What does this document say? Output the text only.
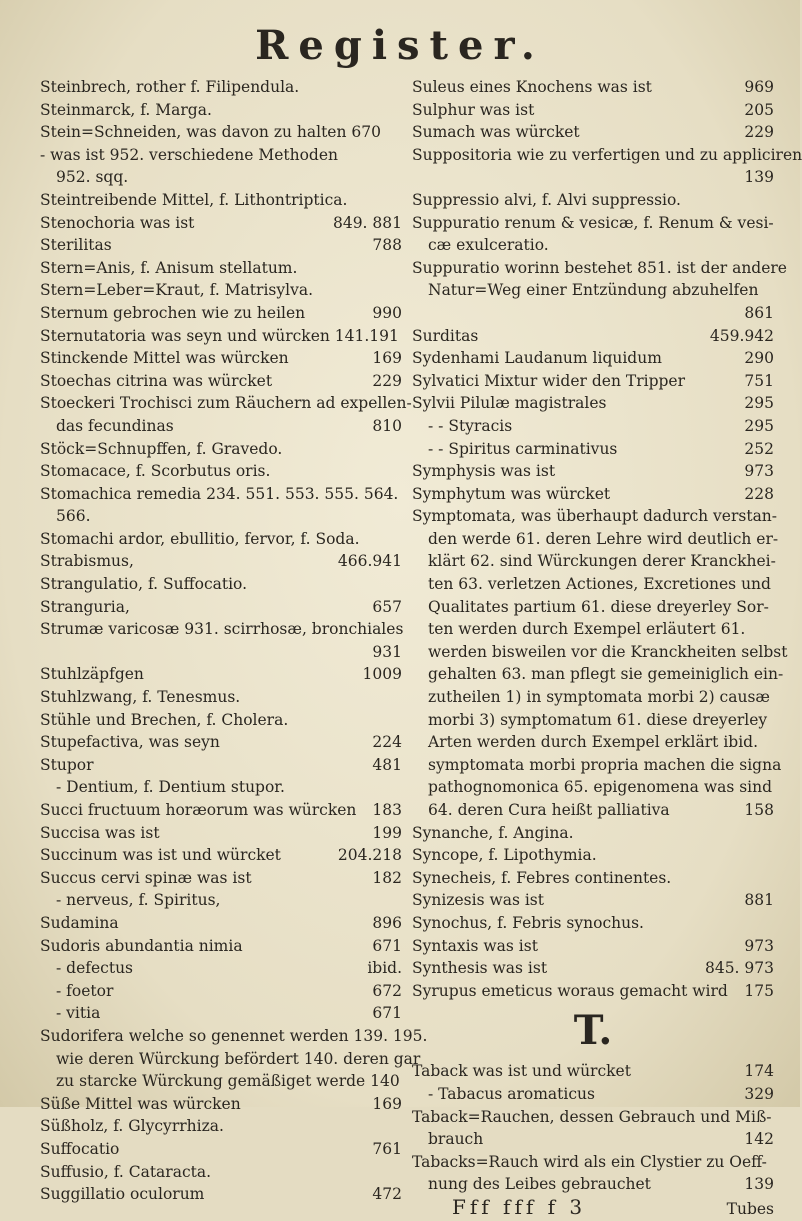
Register.
Steinbrech, rother f. Filipendula.
Steinmarck, f. Marga.
Stein=Schneiden, was davon zu halten 670
- was ist 952. verschiedene Methoden
952. sqq.
Steintreibende Mittel, f. Lithontriptica.
Stenochoria was ist	849. 881
Sterilitas	788
Stern=Anis, f. Anisum stellatum.
Stern=Leber=Kraut, f. Matrisylva.
Sternum gebrochen wie zu heilen	990
Sternutatoria was seyn und würcken 141.191
Stinckende Mittel was würcken	169
Stoechas citrina was würcket	229
Stoeckeri Trochisci zum Räuchern ad expellen-
das fecundinas	810
Stöck=Schnupffen, f. Gravedo.
Stomacace, f. Scorbutus oris.
Stomachica remedia 234. 551. 553. 555. 564.
566.
Stomachi ardor, ebullitio, fervor, f. Soda.
Strabismus,	466.941
Strangulatio, f. Suffocatio.
Stranguria,	657
Strumæ varicosæ 931. scirrhosæ, bronchiales
931
Stuhlzäpfgen	1009
Stuhlzwang, f. Tenesmus.
Stühle und Brechen, f. Cholera.
Stupefactiva, was seyn	224
Stupor	481
- Dentium, f. Dentium stupor.
Succi fructuum horæorum was würcken	183
Succisa was ist	199
Succinum was ist und würcket	204.218
Succus cervi spinæ was ist	182
- nerveus, f. Spiritus,
Sudamina	896
Sudoris abundantia nimia	671
- defectus	ibid.
- foetor	672
- vitia	671
Sudorifera welche so genennet werden 139. 195.
wie deren Würckung befördert 140. deren gar
zu starcke Würckung gemäßiget werde 140
Süße Mittel was würcken	169
Süßholz, f. Glycyrrhiza.
Suffocatio	761
Suffusio, f. Cataracta.
Suggillatio oculorum	472
Suleus eines Knochens was ist	969
Sulphur was ist	205
Sumach was würcket	229
Suppositoria wie zu verfertigen und zu appliciren
139
Suppressio alvi, f. Alvi suppressio.
Suppuratio renum & vesicæ, f. Renum & vesi-
cæ exulceratio.
Suppuratio worinn bestehet 851. ist der andere
Natur=Weg einer Entzündung abzuhelfen
861
Surditas	459.942
Sydenhami Laudanum liquidum	290
Sylvatici Mixtur wider den Tripper	751
Sylvii Pilulæ magistrales	295
- - Styracis	295
- - Spiritus carminativus	252
Symphysis was ist	973
Symphytum was würcket	228
Symptomata, was überhaupt dadurch verstan-
den werde 61. deren Lehre wird deutlich er-
klärt 62. sind Würckungen derer Kranckhei-
ten 63. verletzen Actiones, Excretiones und
Qualitates partium 61. diese dreyerley Sor-
ten werden durch Exempel erläutert 61.
werden bisweilen vor die Kranckheiten selbst
gehalten 63. man pflegt sie gemeiniglich ein-
zutheilen 1) in symptomata morbi 2) causæ
morbi 3) symptomatum 61. diese dreyerley
Arten werden durch Exempel erklärt ibid.
symptomata morbi propria machen die signa
pathognomonica 65. epigenomena was sind
64. deren Cura heißt palliativa	158
Synanche, f. Angina.
Syncope, f. Lipothymia.
Synecheis, f. Febres continentes.
Synizesis was ist	881
Synochus, f. Febris synochus.
Syntaxis was ist	973
Synthesis was ist	845. 973
Syrupus emeticus woraus gemacht wird	175
T.
Taback was ist und würcket	174
- Tabacus aromaticus	329
Taback=Rauchen, dessen Gebrauch und Miß-
brauch	142
Tabacks=Rauch wird als ein Clystier zu Oeff-
nung des Leibes gebrauchet	139
Fff fff f 3	Tubes
